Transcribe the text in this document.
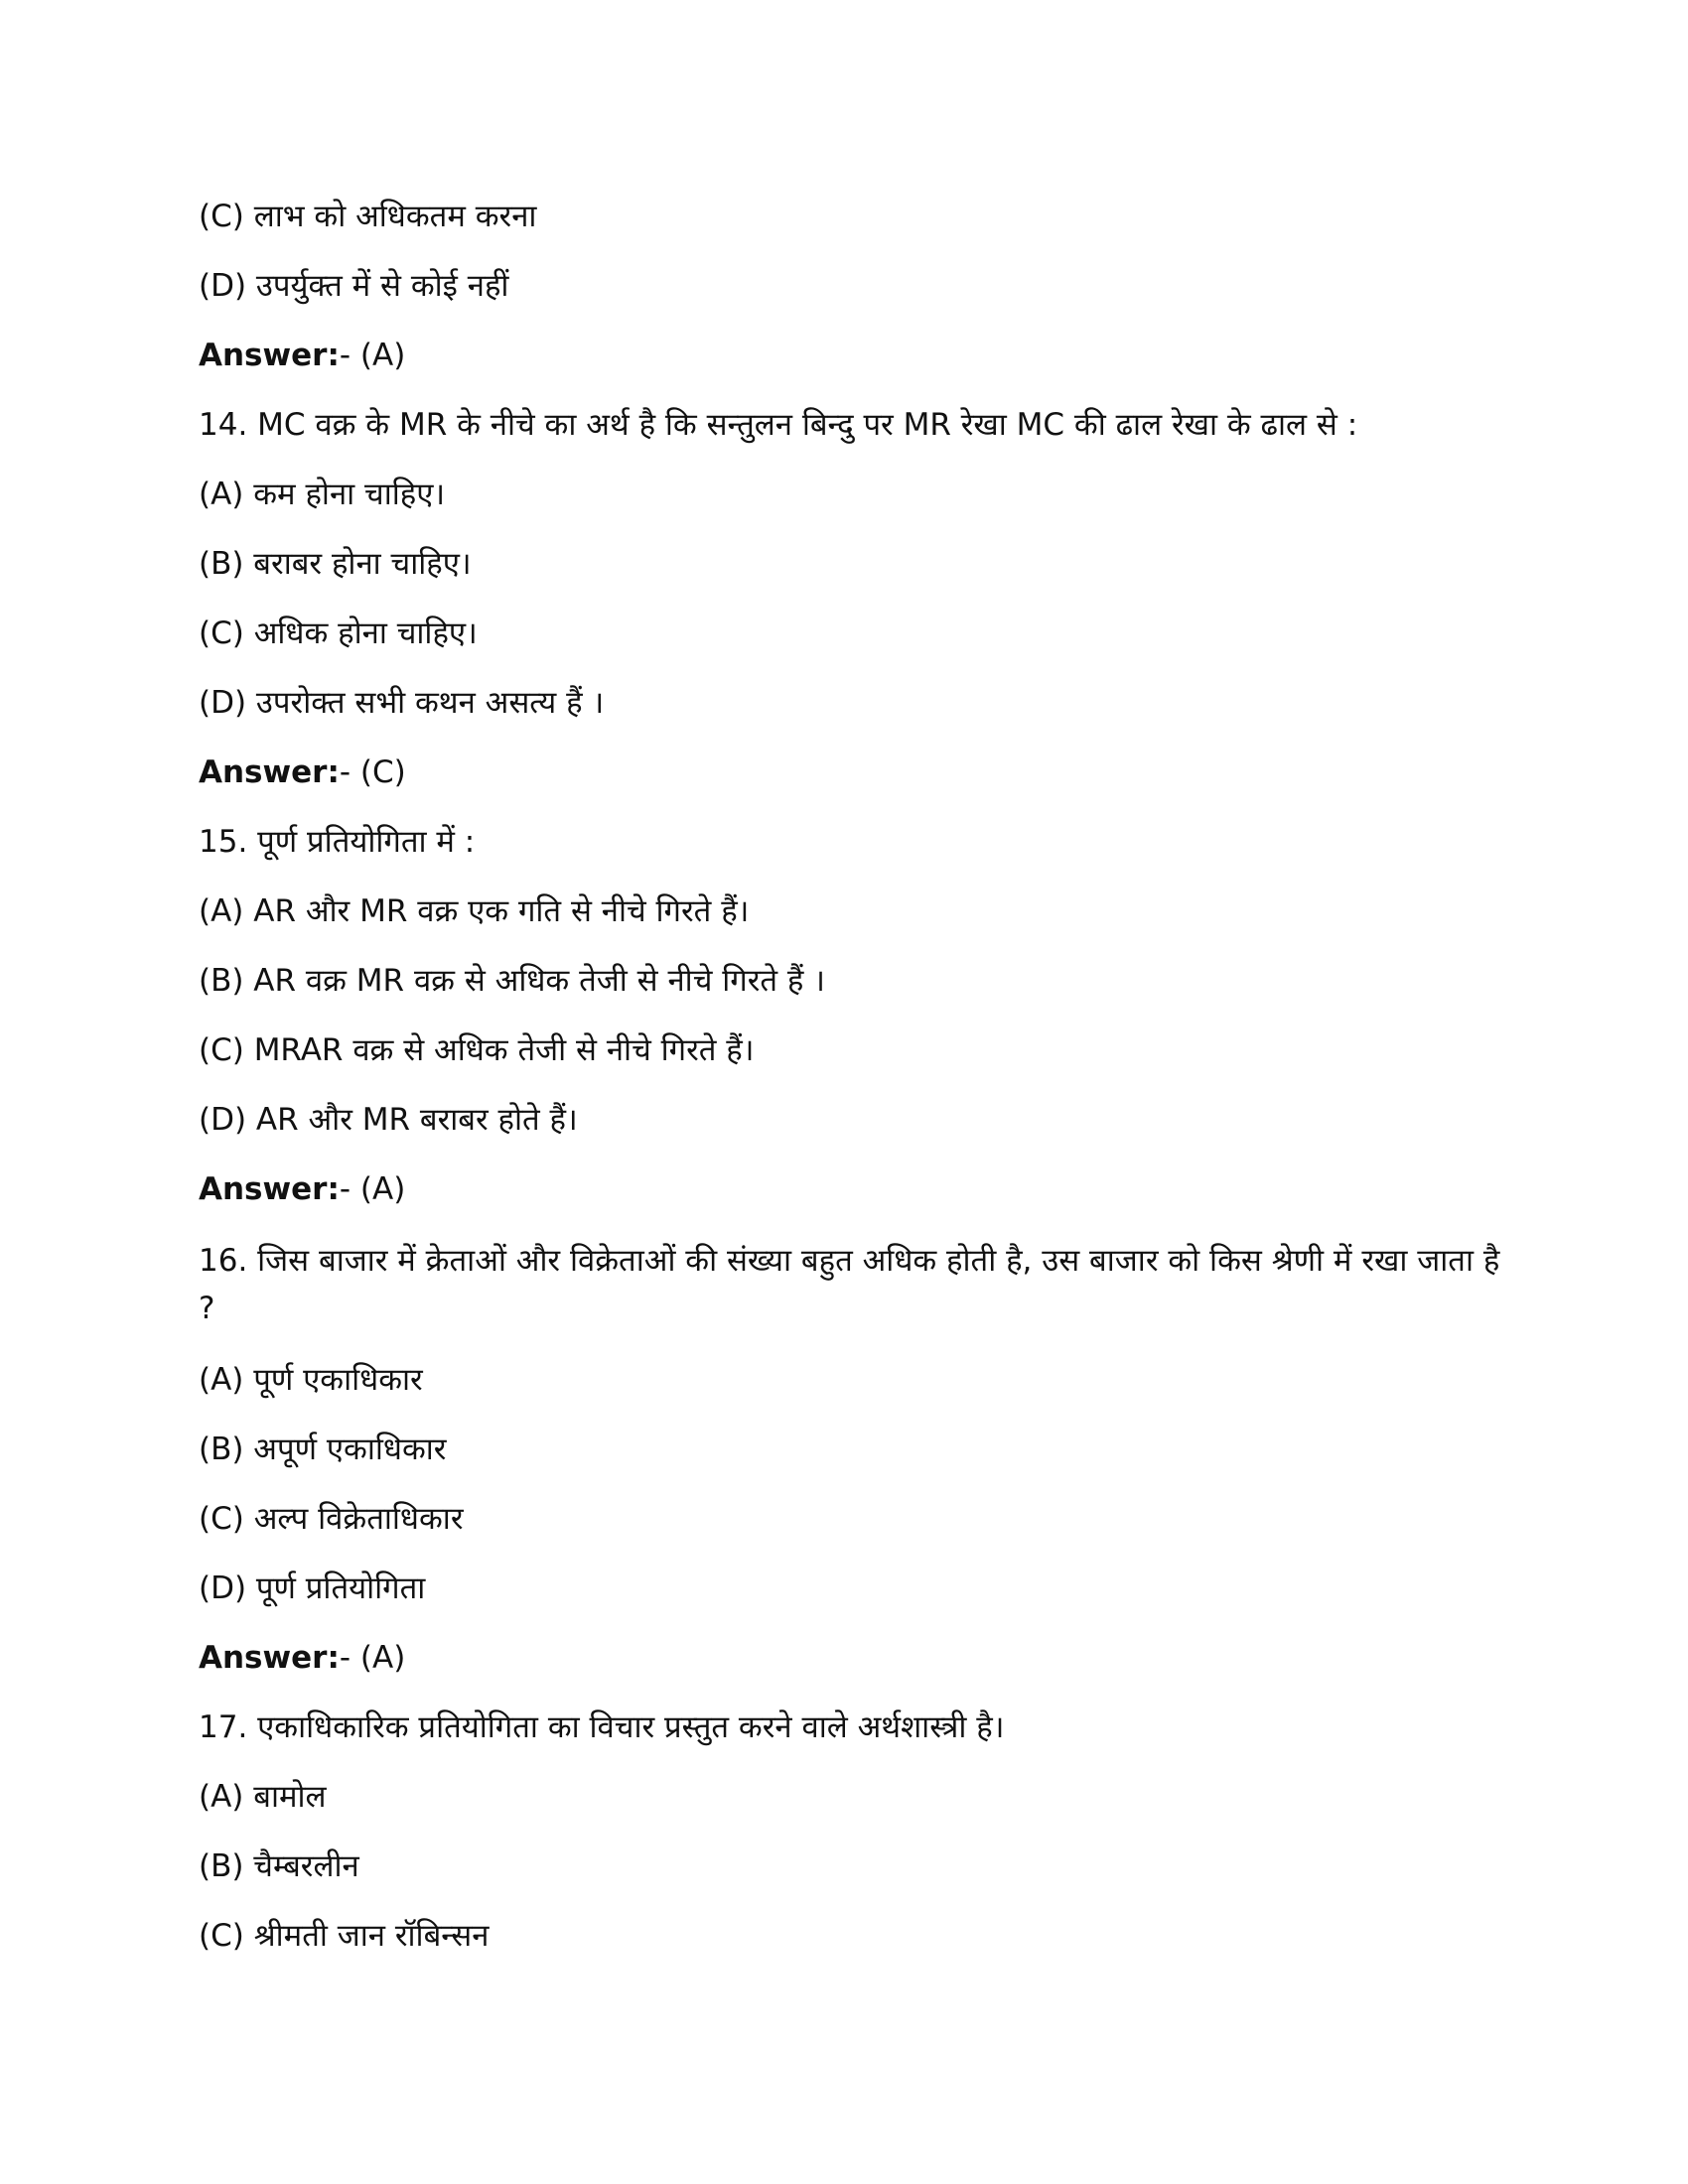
(C) लाभ को अधिकतम करना
(D) उपर्युक्त में से कोई नहीं
Answer:- (A)
14. MC वक्र के MR के नीचे का अर्थ है कि सन्तुलन बिन्दु पर MR रेखा MC की ढाल रेखा के ढाल से :
(A) कम होना चाहिए।
(B) बराबर होना चाहिए।
(C) अधिक होना चाहिए।
(D) उपरोक्त सभी कथन असत्य हैं ।
Answer:- (C)
15. पूर्ण प्रतियोगिता में :
(A) AR और MR वक्र एक गति से नीचे गिरते हैं।
(B) AR वक्र MR वक्र से अधिक तेजी से नीचे गिरते हैं ।
(C) MRAR वक्र से अधिक तेजी से नीचे गिरते हैं।
(D) AR और MR बराबर होते हैं।
Answer:- (A)
16. जिस बाजार में क्रेताओं और विक्रेताओं की संख्या बहुत अधिक होती है, उस बाजार को किस श्रेणी में रखा जाता है ?
(A) पूर्ण एकाधिकार
(B) अपूर्ण एकाधिकार
(C) अल्प विक्रेताधिकार
(D) पूर्ण प्रतियोगिता
Answer:- (A)
17. एकाधिकारिक प्रतियोगिता का विचार प्रस्तुत करने वाले अर्थशास्त्री है।
(A) बामोल
(B) चैम्बरलीन
(C) श्रीमती जान रॉबिन्सन
